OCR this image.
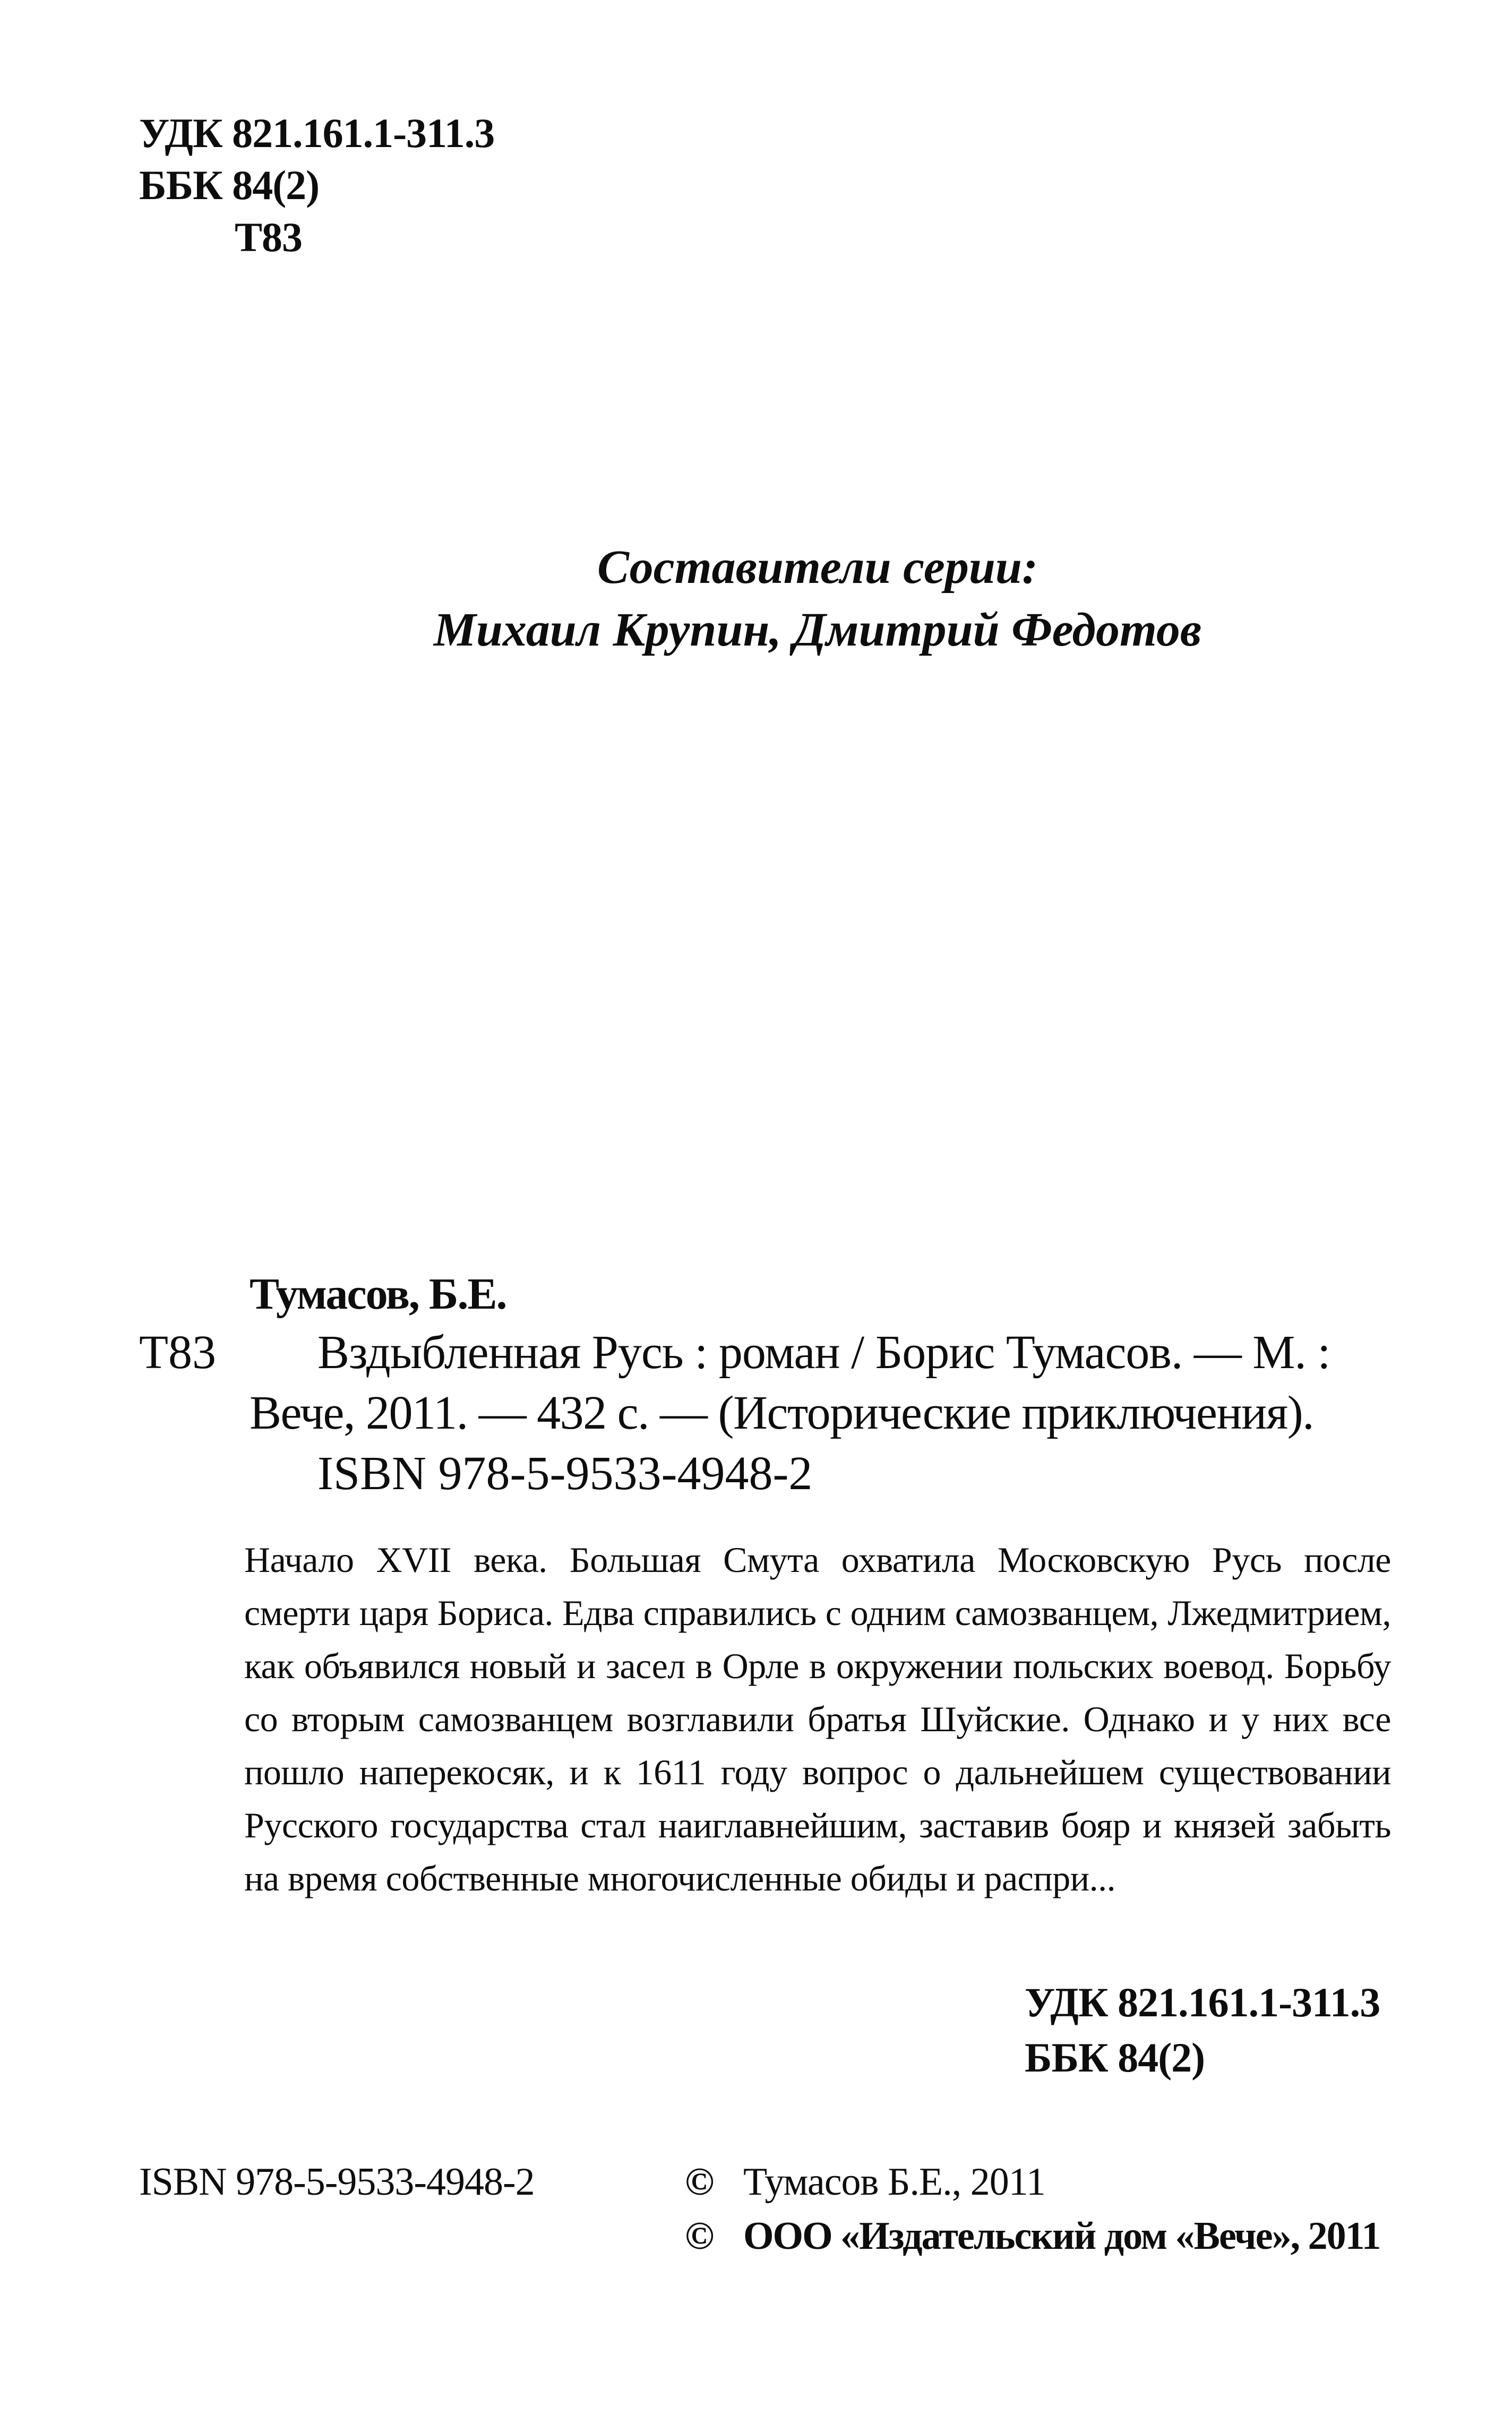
УДК 821.161.1-311.3
ББК 84(2)
Т83
Составители серии:
Михаил Крупин, Дмитрий Федотов
Тумасов, Б.Е.
Т83 Вздыбленная Русь : роман / Борис Тумасов. — М. :
Вече, 2011. — 432 с. — (Исторические приключения).
ISBN 978-5-9533-4948-2
Начало XVII века. Большая Смута охватила Московскую Русь после смерти царя Бориса. Едва справились с одним самозванцем, Лжедмитрием, как объявился новый и засел в Орле в окружении польских воевод. Борьбу со вторым самозванцем возглавили братья Шуйские. Однако и у них все пошло наперекосяк, и к 1611 году вопрос о дальнейшем существовании Русского государства стал наиглавнейшим, заставив бояр и князей забыть на время собственные многочисленные обиды и распри...
УДК 821.161.1-311.3
ББК 84(2)
ISBN 978-5-9533-4948-2	© Тумасов Б.Е., 2011
© ООО «Издательский дом «Вече», 2011
